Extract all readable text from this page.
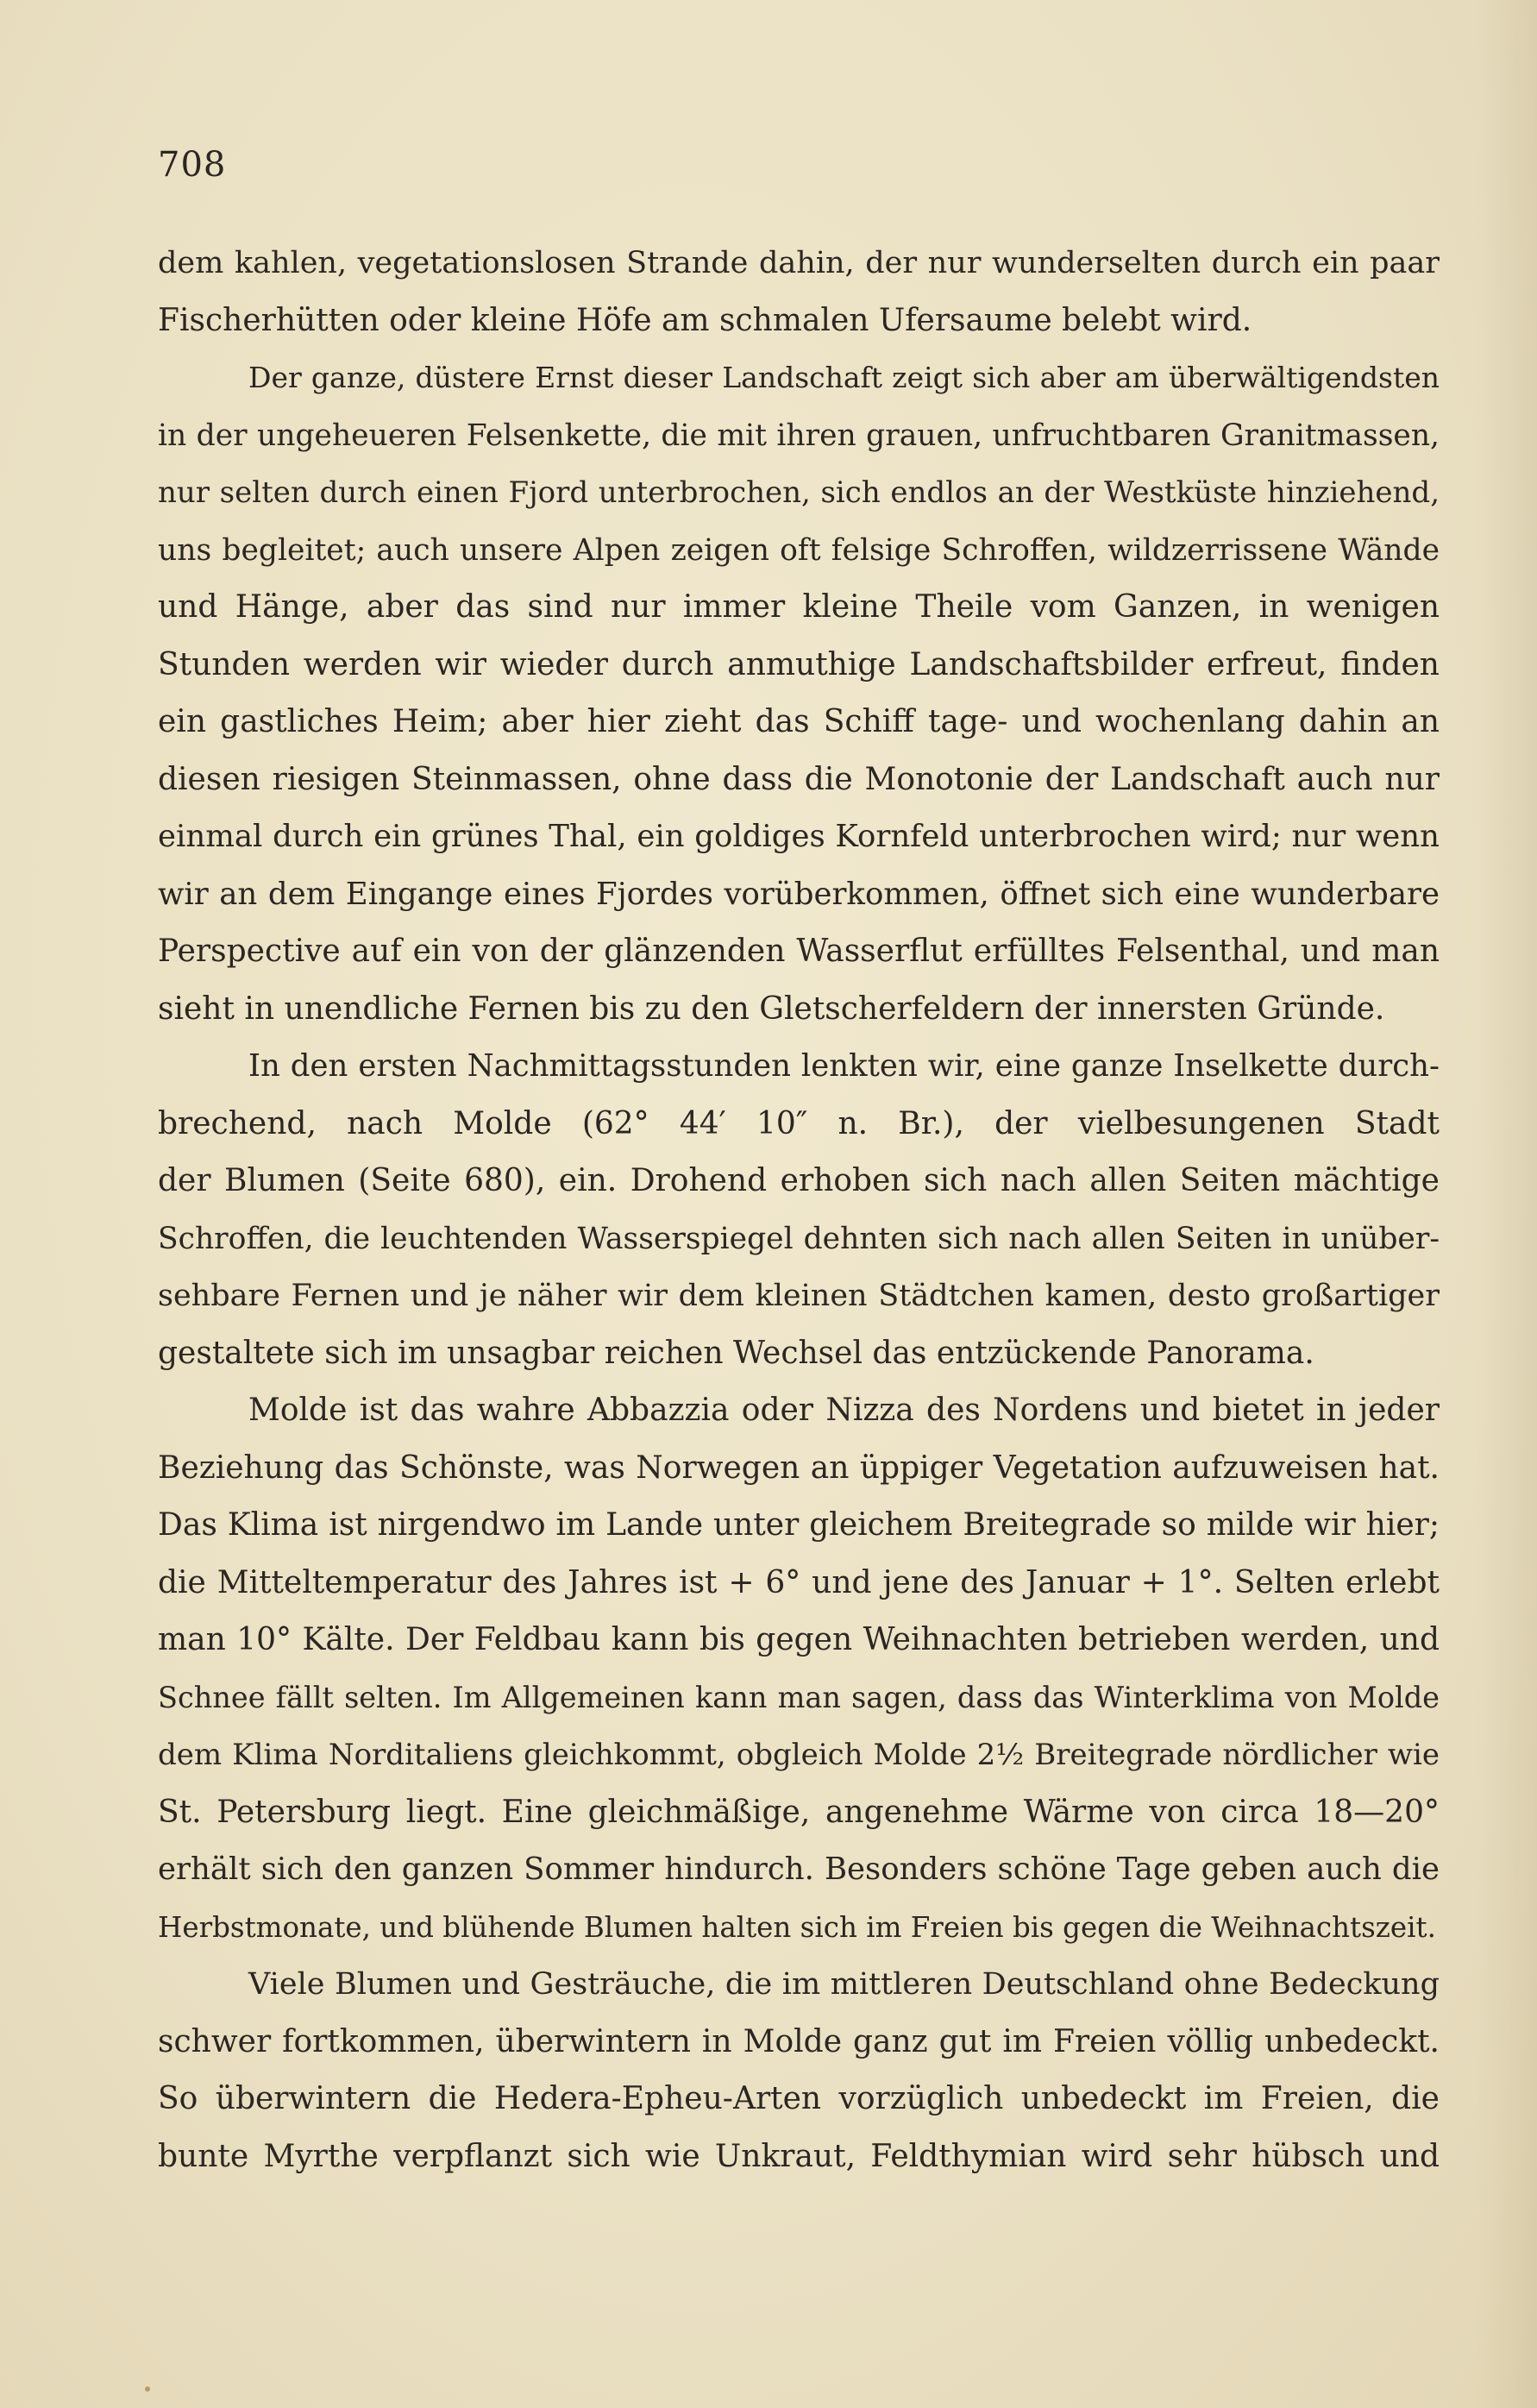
708
dem kahlen, vegetationslosen Strande dahin, der nur wunderselten durch ein paar
Fischerhütten oder kleine Höfe am schmalen Ufersaume belebt wird.
Der ganze, düstere Ernst dieser Landschaft zeigt sich aber am überwältigendsten
in der ungeheueren Felsenkette, die mit ihren grauen, unfruchtbaren Granitmassen,
nur selten durch einen Fjord unterbrochen, sich endlos an der Westküste hinziehend,
uns begleitet; auch unsere Alpen zeigen oft felsige Schroffen, wildzerrissene Wände
und Hänge, aber das sind nur immer kleine Theile vom Ganzen, in wenigen
Stunden werden wir wieder durch anmuthige Landschaftsbilder erfreut, finden
ein gastliches Heim; aber hier zieht das Schiff tage- und wochenlang dahin an
diesen riesigen Steinmassen, ohne dass die Monotonie der Landschaft auch nur
einmal durch ein grünes Thal, ein goldiges Kornfeld unterbrochen wird; nur wenn
wir an dem Eingange eines Fjordes vorüberkommen, öffnet sich eine wunderbare
Perspective auf ein von der glänzenden Wasserflut erfülltes Felsenthal, und man
sieht in unendliche Fernen bis zu den Gletscherfeldern der innersten Gründe.
In den ersten Nachmittagsstunden lenkten wir, eine ganze Inselkette durch-
brechend, nach Molde (62° 44′ 10″ n. Br.), der vielbesungenen Stadt
der Blumen (Seite 680), ein. Drohend erhoben sich nach allen Seiten mächtige
Schroffen, die leuchtenden Wasserspiegel dehnten sich nach allen Seiten in unüber-
sehbare Fernen und je näher wir dem kleinen Städtchen kamen, desto großartiger
gestaltete sich im unsagbar reichen Wechsel das entzückende Panorama.
Molde ist das wahre Abbazzia oder Nizza des Nordens und bietet in jeder
Beziehung das Schönste, was Norwegen an üppiger Vegetation aufzuweisen hat.
Das Klima ist nirgendwo im Lande unter gleichem Breitegrade so milde wir hier;
die Mitteltemperatur des Jahres ist + 6° und jene des Januar + 1°. Selten erlebt
man 10° Kälte. Der Feldbau kann bis gegen Weihnachten betrieben werden, und
Schnee fällt selten. Im Allgemeinen kann man sagen, dass das Winterklima von Molde
dem Klima Norditaliens gleichkommt, obgleich Molde 2½ Breitegrade nördlicher wie
St. Petersburg liegt. Eine gleichmäßige, angenehme Wärme von circa 18—20°
erhält sich den ganzen Sommer hindurch. Besonders schöne Tage geben auch die
Herbstmonate, und blühende Blumen halten sich im Freien bis gegen die Weihnachtszeit.
Viele Blumen und Gesträuche, die im mittleren Deutschland ohne Bedeckung
schwer fortkommen, überwintern in Molde ganz gut im Freien völlig unbedeckt.
So überwintern die Hedera-Epheu-Arten vorzüglich unbedeckt im Freien, die
bunte Myrthe verpflanzt sich wie Unkraut, Feldthymian wird sehr hübsch und
